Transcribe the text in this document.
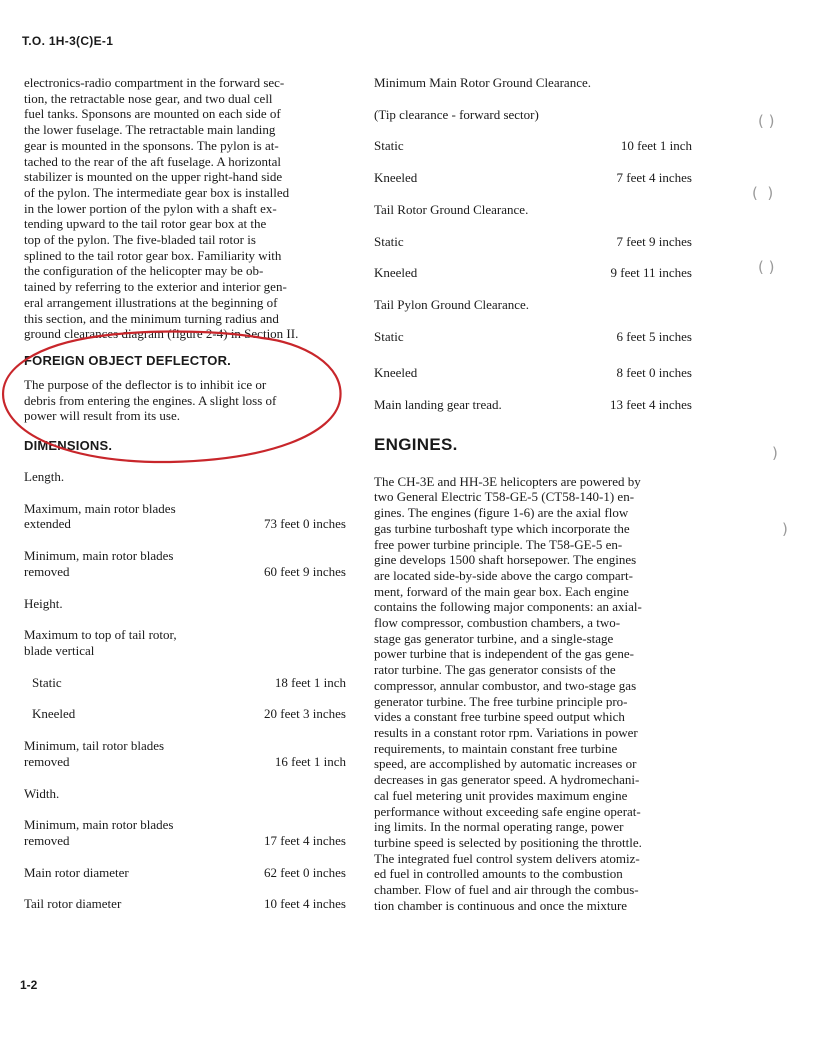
T.O. 1H-3(C)E-1
electronics-radio compartment in the forward sec-
tion, the retractable nose gear, and two dual cell
fuel tanks. Sponsons are mounted on each side of
the lower fuselage. The retractable main landing
gear is mounted in the sponsons. The pylon is at-
tached to the rear of the aft fuselage. A horizontal
stabilizer is mounted on the upper right-hand side
of the pylon. The intermediate gear box is installed
in the lower portion of the pylon with a shaft ex-
tending upward to the tail rotor gear box at the
top of the pylon. The five-bladed tail rotor is
splined to the tail rotor gear box. Familiarity with
the configuration of the helicopter may be ob-
tained by referring to the exterior and interior gen-
eral arrangement illustrations at the beginning of
this section, and the minimum turning radius and
ground clearances diagram (figure 2-4) in Section II.
FOREIGN OBJECT DEFLECTOR.
The purpose of the deflector is to inhibit ice or
debris from entering the engines. A slight loss of
power will result from its use.
DIMENSIONS.
Length.
Maximum, main rotor blades
extended	73 feet 0 inches
Minimum, main rotor blades
removed	60 feet 9 inches
Height.
Maximum to top of tail rotor,
blade vertical
Static	18 feet 1 inch
Kneeled	20 feet 3 inches
Minimum, tail rotor blades
removed	16 feet 1 inch
Width.
Minimum, main rotor blades
removed	17 feet 4 inches
Main rotor diameter	62 feet 0 inches
Tail rotor diameter	10 feet 4 inches
Minimum Main Rotor Ground Clearance.
(Tip clearance - forward sector)
Static	10 feet 1 inch
Kneeled	7 feet 4 inches
Tail Rotor Ground Clearance.
Static	7 feet 9 inches
Kneeled	9 feet 11 inches
Tail Pylon Ground Clearance.
Static	6 feet 5 inches
Kneeled	8 feet 0 inches
Main landing gear tread.	13 feet 4 inches
ENGINES.
The CH-3E and HH-3E helicopters are powered by
two General Electric T58-GE-5 (CT58-140-1) en-
gines. The engines (figure 1-6) are the axial flow
gas turbine turboshaft type which incorporate the
free power turbine principle. The T58-GE-5 en-
gine develops 1500 shaft horsepower. The engines
are located side-by-side above the cargo compart-
ment, forward of the main gear box. Each engine
contains the following major components: an axial-
flow compressor, combustion chambers, a two-
stage gas generator turbine, and a single-stage
power turbine that is independent of the gas gene-
rator turbine. The gas generator consists of the
compressor, annular combustor, and two-stage gas
generator turbine. The free turbine principle pro-
vides a constant free turbine speed output which
results in a constant rotor rpm. Variations in power
requirements, to maintain constant free turbine
speed, are accomplished by automatic increases or
decreases in gas generator speed. A hydromechani-
cal fuel metering unit provides maximum engine
performance without exceeding safe engine operat-
ing limits. In the normal operating range, power
turbine speed is selected by positioning the throttle.
The integrated fuel control system delivers atomiz-
ed fuel in controlled amounts to the combustion
chamber. Flow of fuel and air through the combus-
tion chamber is continuous and once the mixture
( )
(  )
( )
)
)
1-2
